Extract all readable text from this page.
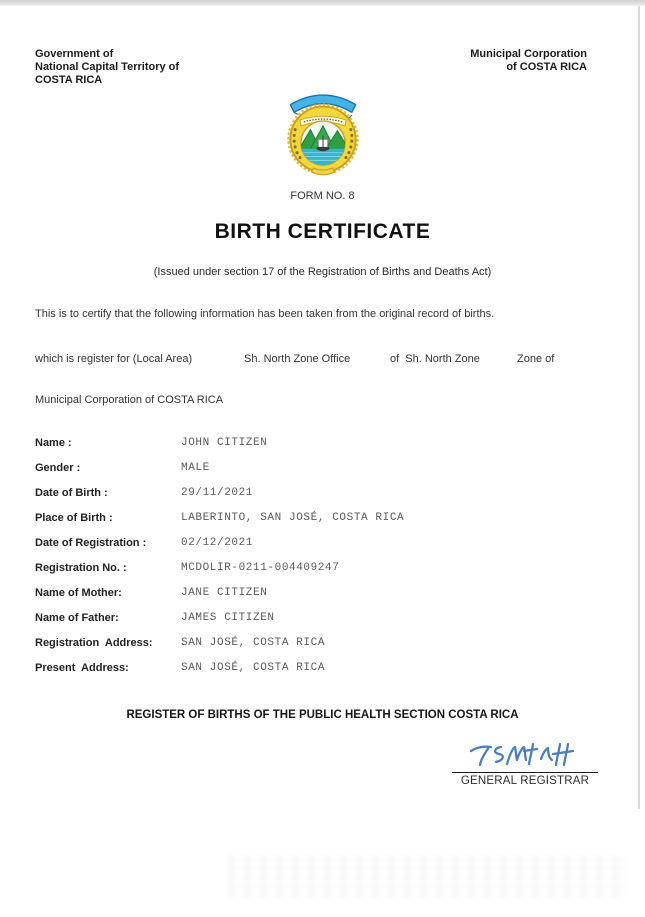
Government of
National Capital Territory of
COSTA RICA
Municipal Corporation
of COSTA RICA
FORM NO. 8
BIRTH CERTIFICATE
(Issued under section 17 of the Registration of Births and Deaths Act)
This is to certify that the following information has been taken from the original record of births.
which is register for (Local Area)	Sh. North Zone Office	of  Sh. North Zone	Zone of
Municipal Corporation of COSTA RICA
Name :	JOHN CITIZEN
Gender :	MALE
Date of Birth :	29/11/2021
Place of Birth :	LABERINTO, SAN JOSÉ, COSTA RICA
Date of Registration :	02/12/2021
Registration No. :	MCDOLIR-0211-004409247
Name of Mother:	JANE CITIZEN
Name of Father:	JAMES CITIZEN
Registration  Address:	SAN JOSÉ, COSTA RICA
Present  Address:	SAN JOSÉ, COSTA RICA
REGISTER OF BIRTHS OF THE PUBLIC HEALTH SECTION COSTA RICA
GENERAL REGISTRAR
